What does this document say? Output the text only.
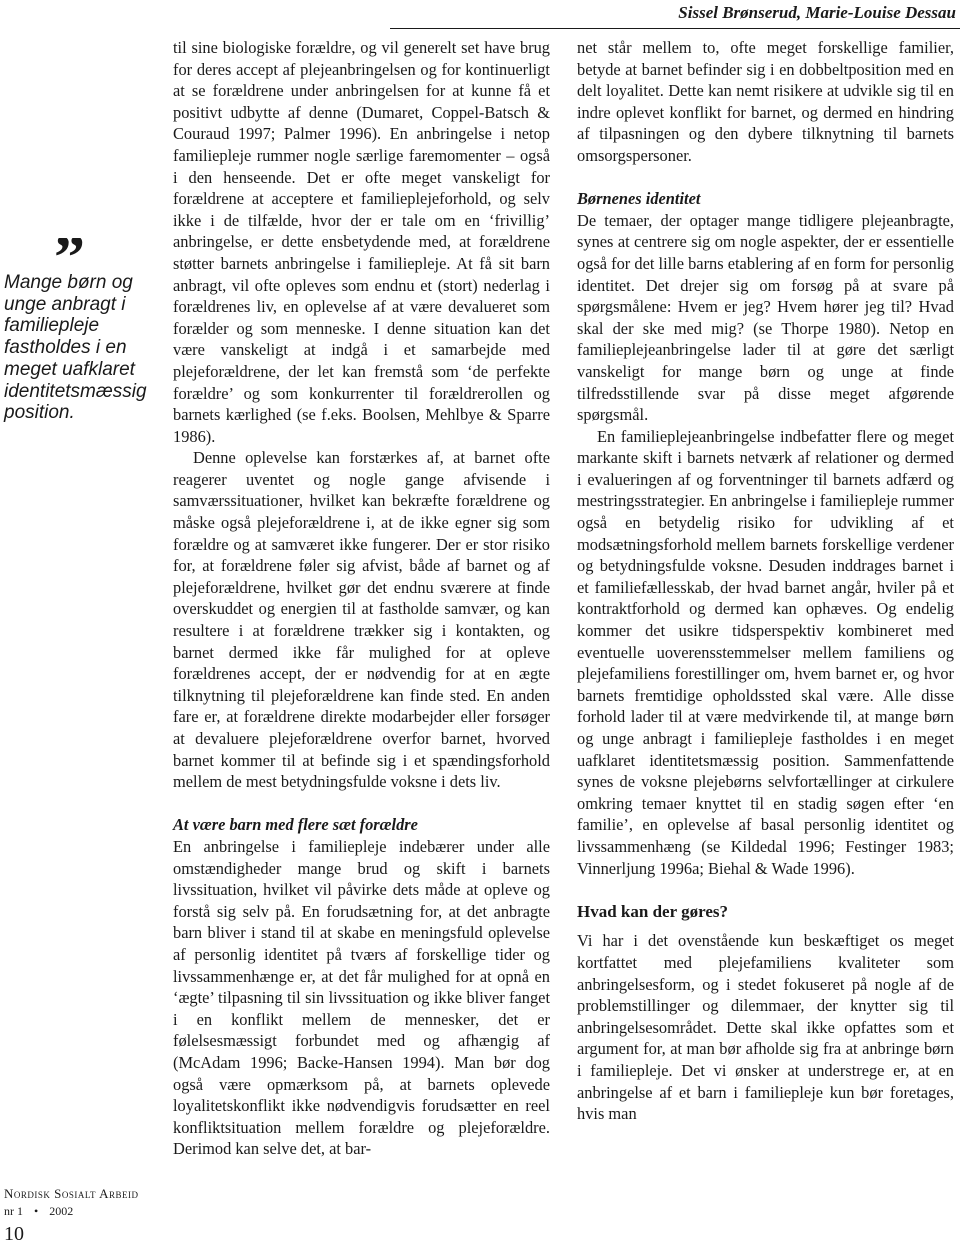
Sissel Brønserud, Marie-Louise Dessau
”
Mange børn og unge anbragt i familiepleje fastholdes i en meget uafklaret identitetsmæssig position.
Nordisk Sosialt Arbeid
nr 1 • 2002
10

til sine biologiske forældre, og vil generelt set have brug for deres accept af plejeanbringelsen og for kontinuerligt at se forældrene under anbringelsen for at kunne få et positivt udbytte af denne (Dumaret, Coppel-Batsch & Couraud 1997; Palmer 1996). En anbringelse i netop familiepleje rummer nogle særlige faremomenter – også i den henseende. Det er ofte meget vanskeligt for forældrene at acceptere et familieplejeforhold, og selv ikke i de tilfælde, hvor der er tale om en ‘frivillig’ anbringelse, er dette ensbetydende med, at forældrene støtter barnets anbringelse i familiepleje. At få sit barn anbragt, vil ofte opleves som endnu et (stort) nederlag i forældrenes liv, en oplevelse af at være devalueret som forælder og som menneske. I denne situation kan det være vanskeligt at indgå i et samarbejde med plejeforældrene, der let kan fremstå som ‘de perfekte forældre’ og som konkurrenter til forældrerollen og barnets kærlighed (se f.eks. Boolsen, Mehlbye & Sparre 1986).

Denne oplevelse kan forstærkes af, at barnet ofte reagerer uventet og nogle gange afvisende i samværssituationer, hvilket kan bekræfte forældrene og måske også plejeforældrene i, at de ikke egner sig som forældre og at samværet ikke fungerer. Der er stor risiko for, at forældrene føler sig afvist, både af barnet og af plejeforældrene, hvilket gør det endnu sværere at finde overskuddet og energien til at fastholde samvær, og kan resultere i at forældrene trækker sig i kontakten, og barnet dermed ikke får mulighed for at opleve forældrenes accept, der er nødvendig for at en ægte tilknytning til plejeforældrene kan finde sted. En anden fare er, at forældrene direkte modarbejder eller forsøger at devaluere plejeforældrene overfor barnet, hvorved barnet kommer til at befinde sig i et spændingsforhold mellem de mest betydningsfulde voksne i dets liv.

At være barn med flere sæt forældre

En anbringelse i familiepleje indebærer under alle omstændigheder mange brud og skift i barnets livssituation, hvilket vil påvirke dets måde at opleve og forstå sig selv på. En forudsætning for, at det anbragte barn bliver i stand til at skabe en meningsfuld oplevelse af personlig identitet på tværs af forskellige tider og livssammenhænge er, at det får mulighed for at opnå en ‘ægte’ tilpasning til sin livssituation og ikke bliver fanget i en konflikt mellem de mennesker, det er følelsesmæssigt forbundet med og afhængig af (McAdam 1996; Backe-Hansen 1994). Man bør dog også være opmærksom på, at barnets oplevede loyalitetskonflikt ikke nødvendigvis forudsætter en reel konfliktsituation mellem forældre og plejeforældre. Derimod kan selve det, at bar-

net står mellem to, ofte meget forskellige familier, betyde at barnet befinder sig i en dobbeltposition med en delt loyalitet. Dette kan nemt risikere at udvikle sig til en indre oplevet konflikt for barnet, og dermed en hindring af tilpasningen og den dybere tilknytning til barnets omsorgspersoner.

Børnenes identitet

De temaer, der optager mange tidligere plejeanbragte, synes at centrere sig om nogle aspekter, der er essentielle også for det lille barns etablering af en form for personlig identitet. Det drejer sig om forsøg på at svare på spørgsmålene: Hvem er jeg? Hvem hører jeg til? Hvad skal der ske med mig? (se Thorpe 1980). Netop en familieplejeanbringelse lader til at gøre det særligt vanskeligt for mange børn og unge at finde tilfredsstillende svar på disse meget afgørende spørgsmål.

En familieplejeanbringelse indbefatter flere og meget markante skift i barnets netværk af relationer og dermed i evalueringen af og forventninger til barnets adfærd og mestringsstrategier. En anbringelse i familiepleje rummer også en betydelig risiko for udvikling af et modsætningsforhold mellem barnets forskellige verdener og betydningsfulde voksne. Desuden inddrages barnet i et familiefællesskab, der hvad barnet angår, hviler på et kontraktforhold og dermed kan ophæves. Og endelig kommer det usikre tidsperspektiv kombineret med eventuelle uoverensstemmelser mellem familiens og plejefamiliens forestillinger om, hvem barnet er, og hvor barnets fremtidige opholdssted skal være. Alle disse forhold lader til at være medvirkende til, at mange børn og unge anbragt i familiepleje fastholdes i en meget uafklaret identitetsmæssig position. Sammenfattende synes de voksne plejebørns selvfortællinger at cirkulere omkring temaer knyttet til en stadig søgen efter ‘en familie’, en oplevelse af basal personlig identitet og livssammenhæng (se Kildedal 1996; Festinger 1983; Vinnerljung 1996a; Biehal & Wade 1996).

Hvad kan der gøres?

Vi har i det ovenstående kun beskæftiget os meget kortfattet med plejefamiliens kvaliteter som anbringelsesform, og i stedet fokuseret på nogle af de problemstillinger og dilemmaer, der knytter sig til anbringelsesområdet. Dette skal ikke opfattes som et argument for, at man bør afholde sig fra at anbringe børn i familiepleje. Det vi ønsker at understrege er, at en anbringelse af et barn i familiepleje kun bør foretages, hvis man
